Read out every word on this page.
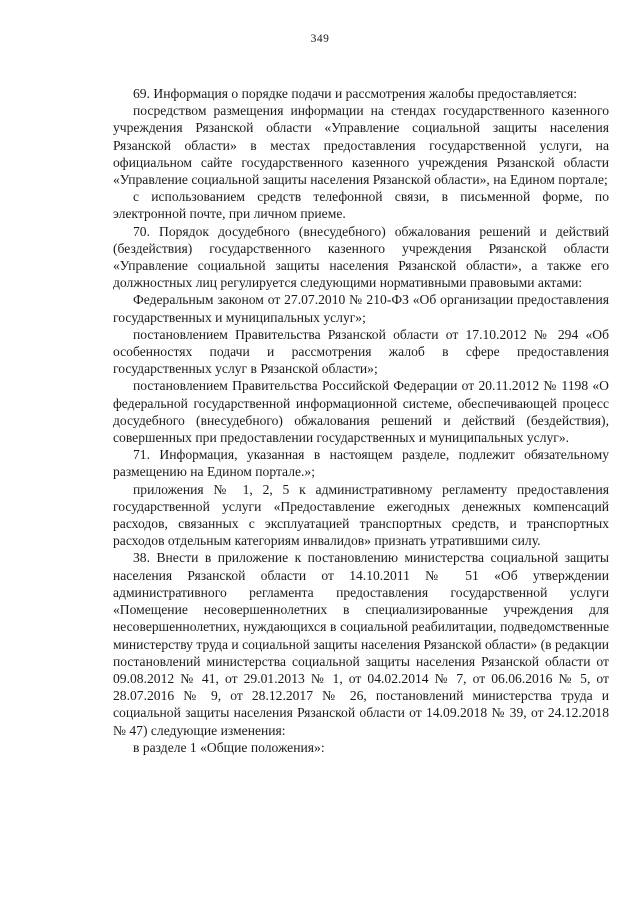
349

69. Информация о порядке подачи и рассмотрения жалобы предоставляется:

посредством размещения информации на стендах государственного казенного учреждения Рязанской области «Управление социальной защиты населения Рязанской области» в местах предоставления государственной услуги, на официальном сайте государственного казенного учреждения Рязанской области «Управление социальной защиты населения Рязанской области», на Едином портале;

с использованием средств телефонной связи, в письменной форме, по электронной почте, при личном приеме.

70. Порядок досудебного (внесудебного) обжалования решений и действий (бездействия) государственного казенного учреждения Рязанской области «Управление социальной защиты населения Рязанской области», а также его должностных лиц регулируется следующими нормативными правовыми актами:

Федеральным законом от 27.07.2010 № 210-ФЗ «Об организации предоставления государственных и муниципальных услуг»;

постановлением Правительства Рязанской области от 17.10.2012 № 294 «Об особенностях подачи и рассмотрения жалоб в сфере предоставления государственных услуг в Рязанской области»;

постановлением Правительства Российской Федерации от 20.11.2012 № 1198 «О федеральной государственной информационной системе, обеспечивающей процесс досудебного (внесудебного) обжалования решений и действий (бездействия), совершенных при предоставлении государственных и муниципальных услуг».

71. Информация, указанная в настоящем разделе, подлежит обязательному размещению на Едином портале.»;

приложения № 1, 2, 5 к административному регламенту предоставления государственной услуги «Предоставление ежегодных денежных компенсаций расходов, связанных с эксплуатацией транспортных средств, и транспортных расходов отдельным категориям инвалидов» признать утратившими силу.

38. Внести в приложение к постановлению министерства социальной защиты населения Рязанской области от 14.10.2011 № 51 «Об утверждении административного регламента предоставления государственной услуги «Помещение несовершеннолетних в специализированные учреждения для несовершеннолетних, нуждающихся в социальной реабилитации, подведомственные министерству труда и социальной защиты населения Рязанской области» (в редакции постановлений министерства социальной защиты населения Рязанской области от 09.08.2012 № 41, от 29.01.2013 № 1, от 04.02.2014 № 7, от 06.06.2016 № 5, от 28.07.2016 № 9, от 28.12.2017 № 26, постановлений министерства труда и социальной защиты населения Рязанской области от 14.09.2018 № 39, от 24.12.2018 № 47) следующие изменения:

в разделе 1 «Общие положения»:
